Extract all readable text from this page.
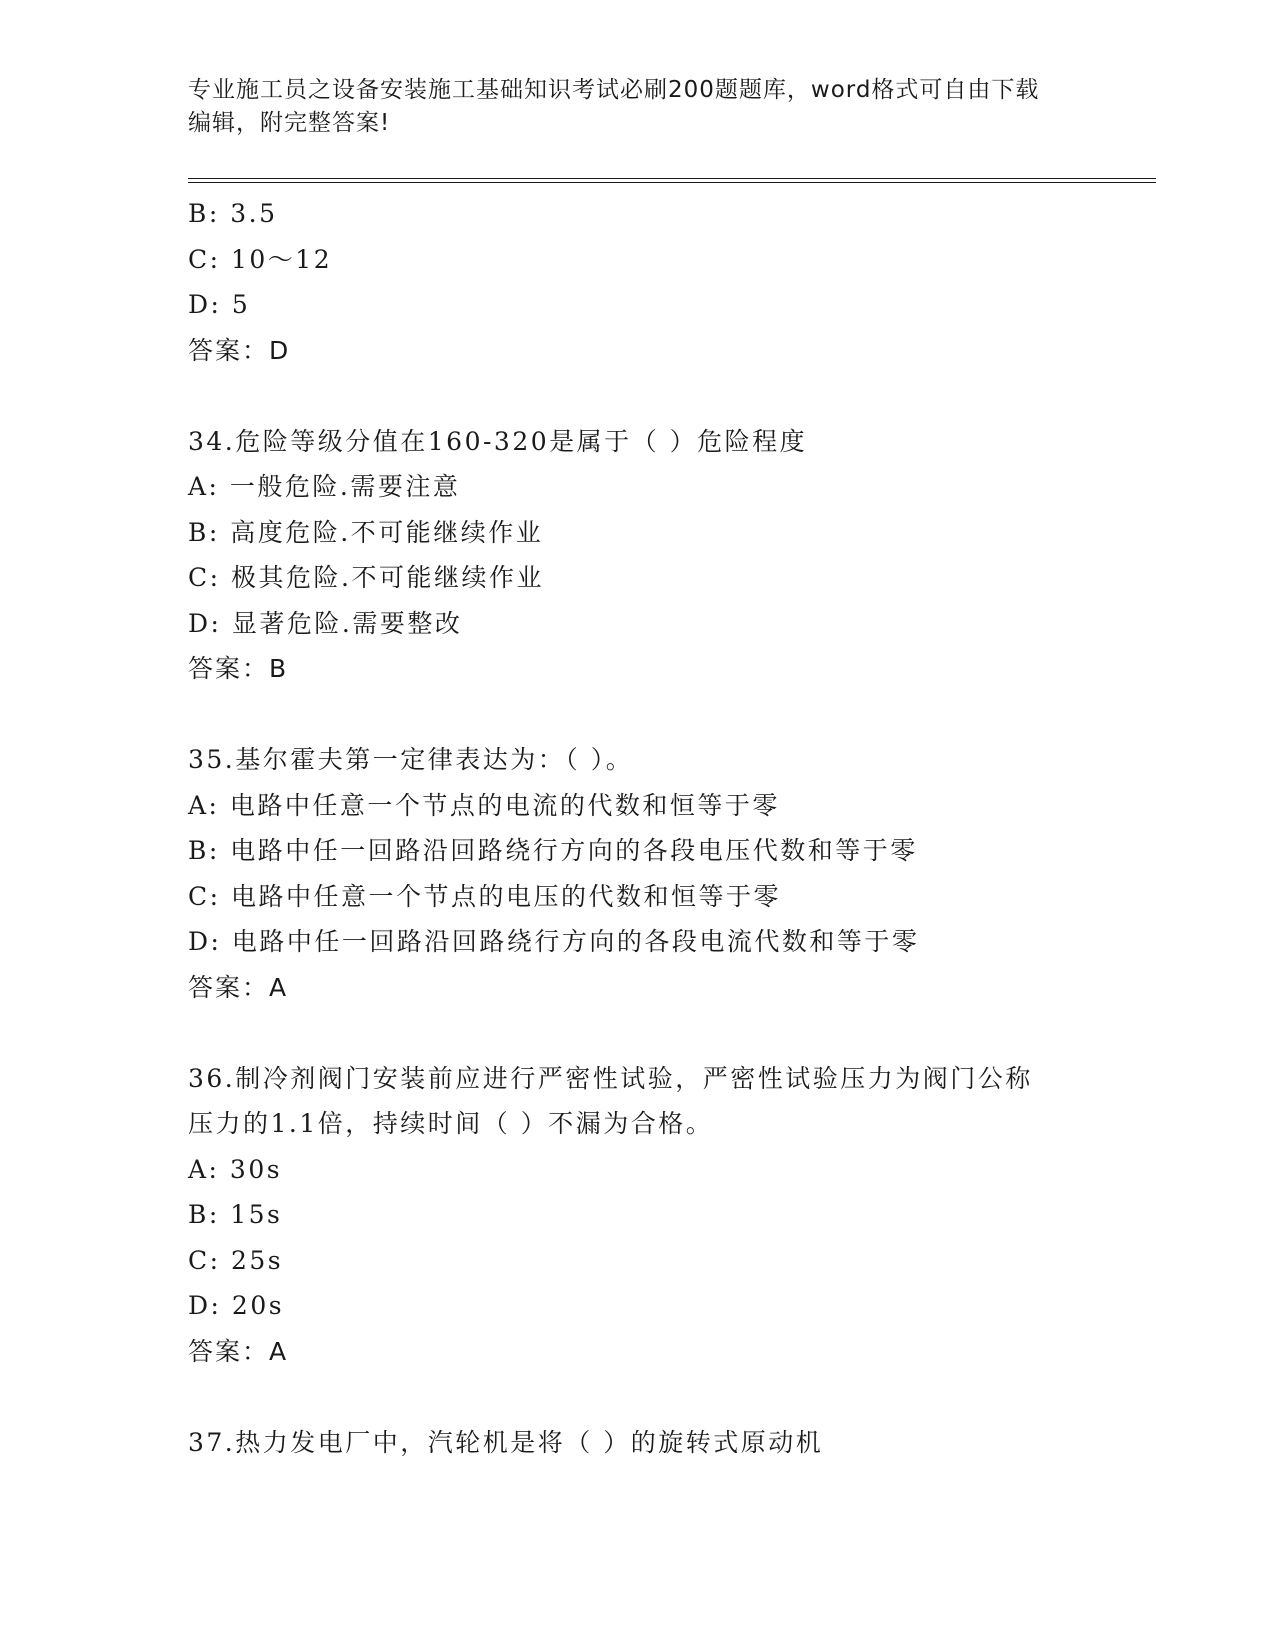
专业施工员之设备安装施工基础知识考试必刷200题题库，word格式可自由下载
编辑，附完整答案!
B: 3.5
C: 10～12
D: 5
答案：D
34.危险等级分值在160-320是属于（ ）危险程度
A: 一般危险.需要注意
B: 高度危险.不可能继续作业
C: 极其危险.不可能继续作业
D: 显著危险.需要整改
答案：B
35.基尔霍夫第一定律表达为：（ ）。
A: 电路中任意一个节点的电流的代数和恒等于零
B: 电路中任一回路沿回路绕行方向的各段电压代数和等于零
C: 电路中任意一个节点的电压的代数和恒等于零
D: 电路中任一回路沿回路绕行方向的各段电流代数和等于零
答案：A
36.制冷剂阀门安装前应进行严密性试验，严密性试验压力为阀门公称
压力的1.1倍，持续时间（ ）不漏为合格。
A: 30s
B: 15s
C: 25s
D: 20s
答案：A
37.热力发电厂中，汽轮机是将（ ）的旋转式原动机
